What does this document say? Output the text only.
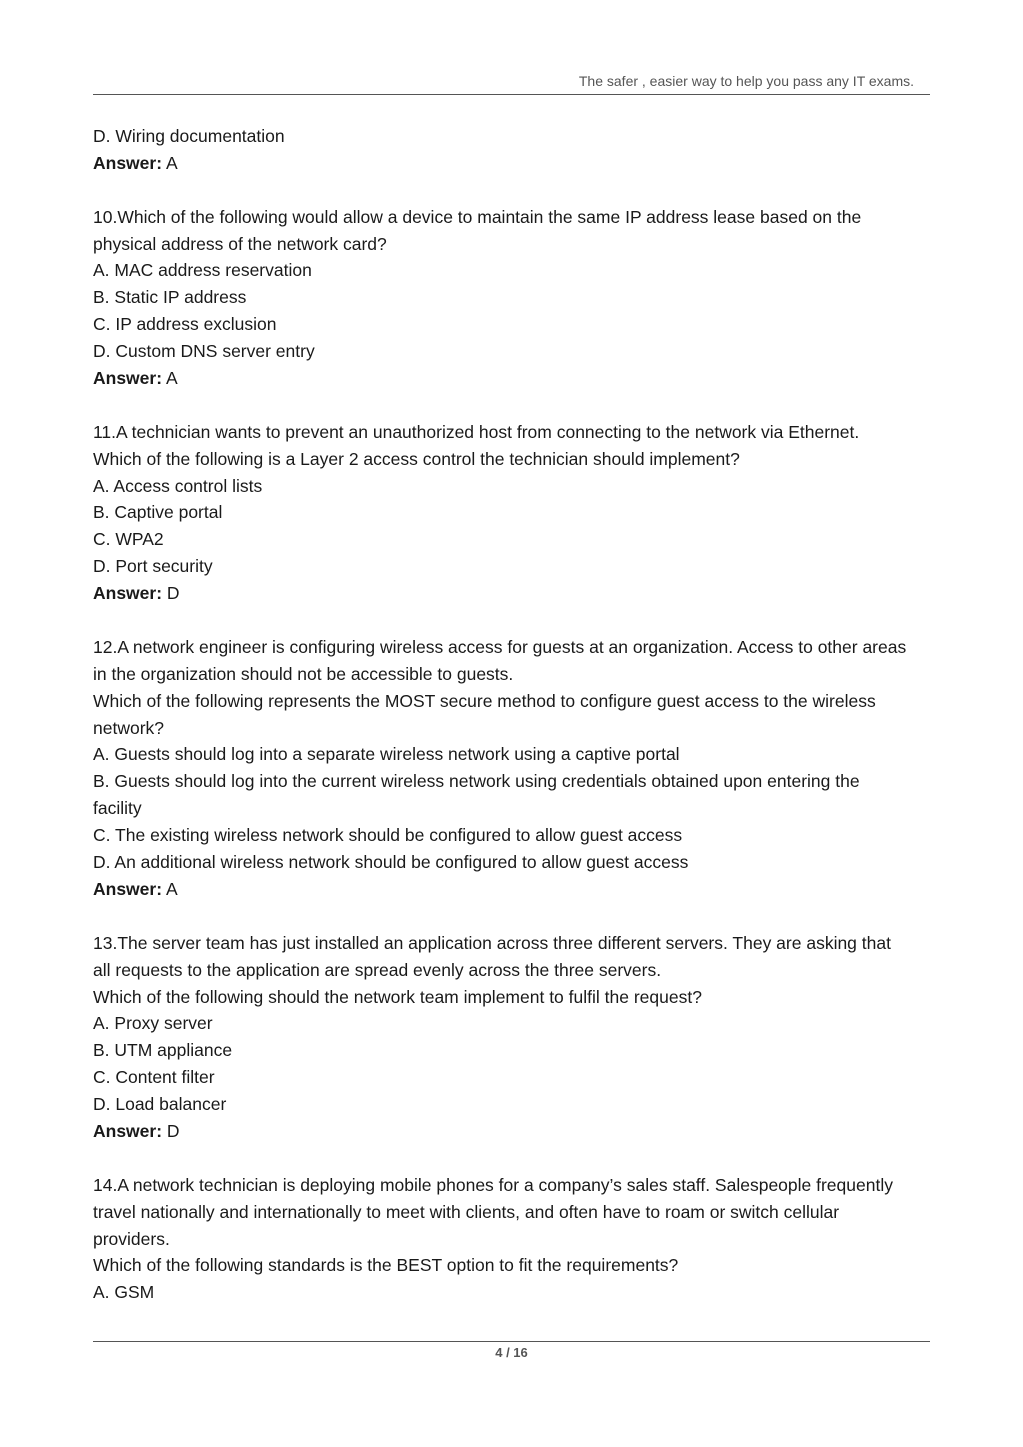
The safer , easier way to help you pass any IT exams.
D. Wiring documentation
Answer: A
10.Which of the following would allow a device to maintain the same IP address lease based on the
physical address of the network card?
A. MAC address reservation
B. Static IP address
C. IP address exclusion
D. Custom DNS server entry
Answer: A
11.A technician wants to prevent an unauthorized host from connecting to the network via Ethernet.
Which of the following is a Layer 2 access control the technician should implement?
A. Access control lists
B. Captive portal
C. WPA2
D. Port security
Answer: D
12.A network engineer is configuring wireless access for guests at an organization. Access to other areas
in the organization should not be accessible to guests.
Which of the following represents the MOST secure method to configure guest access to the wireless
network?
A. Guests should log into a separate wireless network using a captive portal
B. Guests should log into the current wireless network using credentials obtained upon entering the
facility
C. The existing wireless network should be configured to allow guest access
D. An additional wireless network should be configured to allow guest access
Answer: A
13.The server team has just installed an application across three different servers. They are asking that
all requests to the application are spread evenly across the three servers.
Which of the following should the network team implement to fulfil the request?
A. Proxy server
B. UTM appliance
C. Content filter
D. Load balancer
Answer: D
14.A network technician is deploying mobile phones for a company’s sales staff. Salespeople frequently
travel nationally and internationally to meet with clients, and often have to roam or switch cellular
providers.
Which of the following standards is the BEST option to fit the requirements?
A. GSM
4 / 16
